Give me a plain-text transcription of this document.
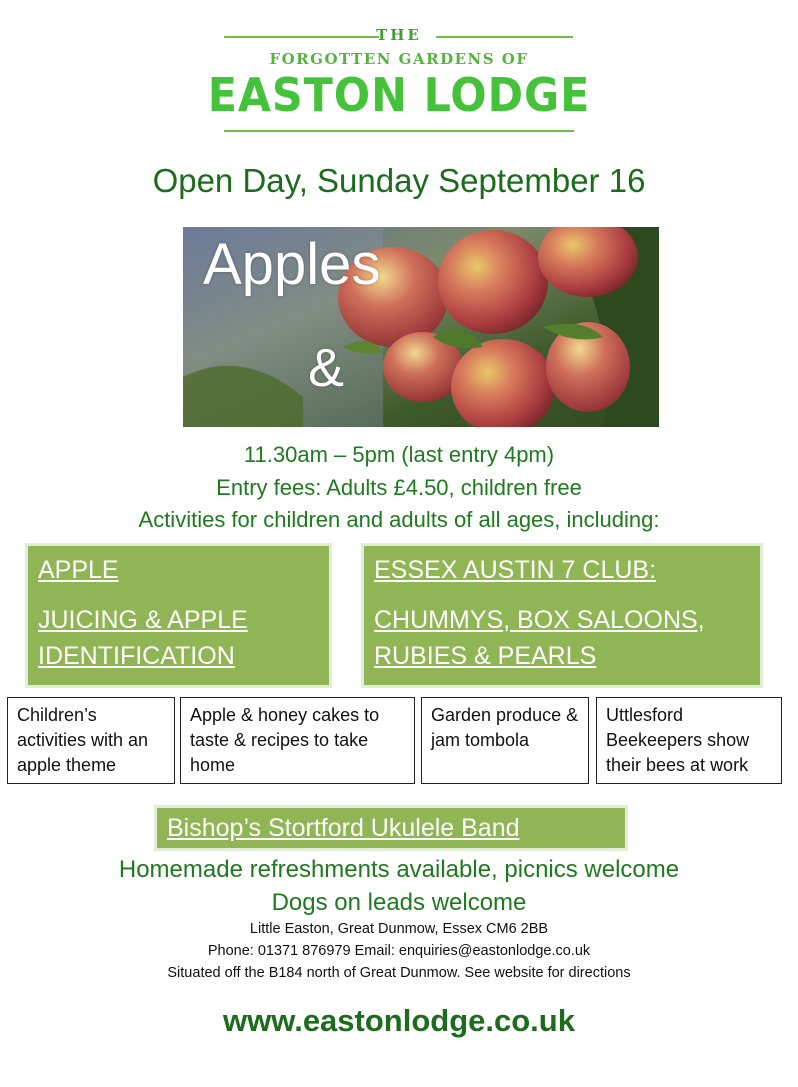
THE
FORGOTTEN GARDENS OF
EASTON LODGE
Open Day, Sunday September 16
Apples
&
11.30am – 5pm (last entry 4pm)
Entry fees: Adults £4.50, children free
Activities for children and adults of all ages, including:
APPLE
JUICING & APPLE
IDENTIFICATION
ESSEX AUSTIN 7 CLUB:
CHUMMYS, BOX SALOONS,
RUBIES & PEARLS
Children’s activities with an apple theme
Apple & honey cakes to taste & recipes to take home
Garden produce & jam tombola
Uttlesford Beekeepers show their bees at work
Bishop’s Stortford Ukulele Band
Homemade refreshments available, picnics welcome
Dogs on leads welcome
Little Easton, Great Dunmow, Essex CM6 2BB
Phone: 01371 876979 Email: enquiries@eastonlodge.co.uk
Situated off the B184 north of Great Dunmow. See website for directions
www.eastonlodge.co.uk
